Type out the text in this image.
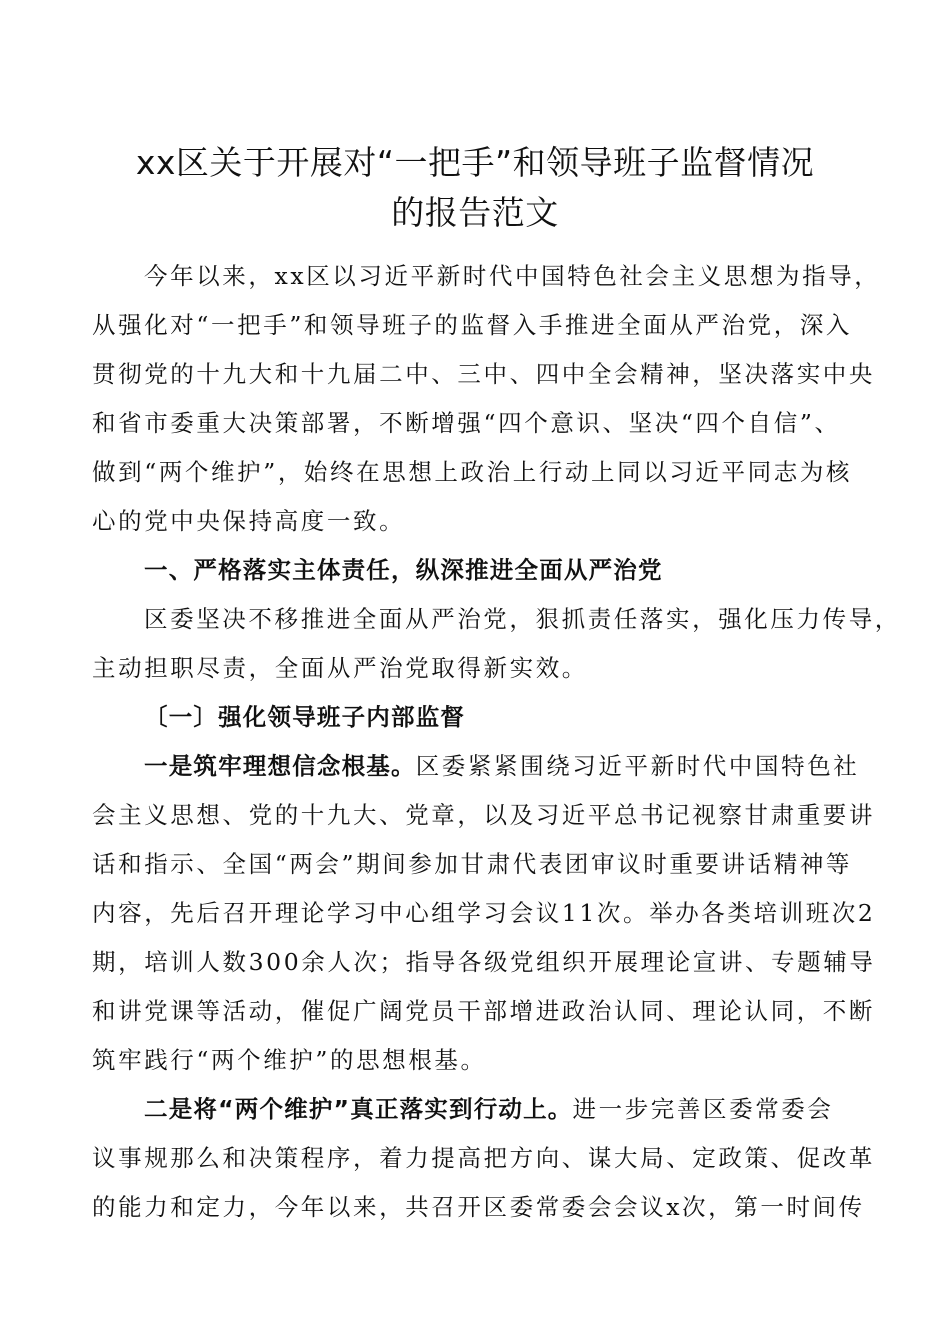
xx区关于开展对“一把手”和领导班子监督情况
的报告范文
今年以来，xx区以习近平新时代中国特色社会主义思想为指导，
从强化对“一把手”和领导班子的监督入手推进全面从严治党，深入
贯彻党的十九大和十九届二中、三中、四中全会精神，坚决落实中央
和省市委重大决策部署，不断增强“四个意识、坚决“四个自信”、
做到“两个维护”，始终在思想上政治上行动上同以习近平同志为核
心的党中央保持高度一致。
一、严格落实主体责任，纵深推进全面从严治党
区委坚决不移推进全面从严治党，狠抓责任落实，强化压力传导，
主动担职尽责，全面从严治党取得新实效。
〔一〕强化领导班子内部监督
一是筑牢理想信念根基。区委紧紧围绕习近平新时代中国特色社
会主义思想、党的十九大、党章，以及习近平总书记视察甘肃重要讲
话和指示、全国“两会”期间参加甘肃代表团审议时重要讲话精神等
内容，先后召开理论学习中心组学习会议11次。举办各类培训班次2
期，培训人数300余人次；指导各级党组织开展理论宣讲、专题辅导
和讲党课等活动，催促广阔党员干部增进政治认同、理论认同，不断
筑牢践行“两个维护”的思想根基。
二是将“两个维护”真正落实到行动上。进一步完善区委常委会
议事规那么和决策程序，着力提高把方向、谋大局、定政策、促改革
的能力和定力，今年以来，共召开区委常委会会议x次，第一时间传
